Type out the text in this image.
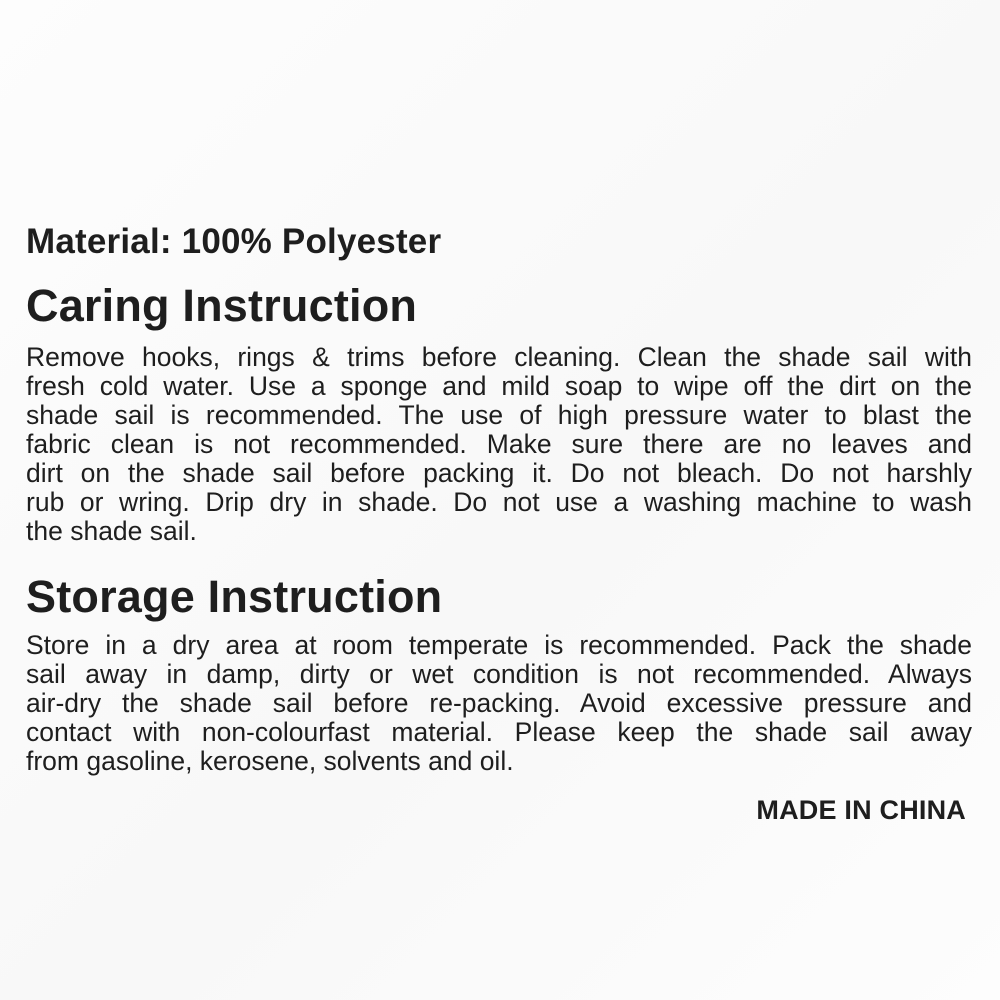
Material: 100% Polyester
Caring Instruction
Remove hooks, rings & trims before cleaning. Clean the shade sail with
fresh cold water. Use a sponge and mild soap to wipe off the dirt on the
shade sail is recommended. The use of high pressure water to blast the
fabric clean is not recommended. Make sure there are no leaves and
dirt on the shade sail before packing it. Do not bleach. Do not harshly
rub or wring. Drip dry in shade. Do not use a washing machine to wash
the shade sail.
Storage Instruction
Store in a dry area at room temperate is recommended. Pack the shade
sail away in damp, dirty or wet condition is not recommended. Always
air-dry the shade sail before re-packing. Avoid excessive pressure and
contact with non-colourfast material. Please keep the shade sail away
from gasoline, kerosene, solvents and oil.
MADE IN CHINA
